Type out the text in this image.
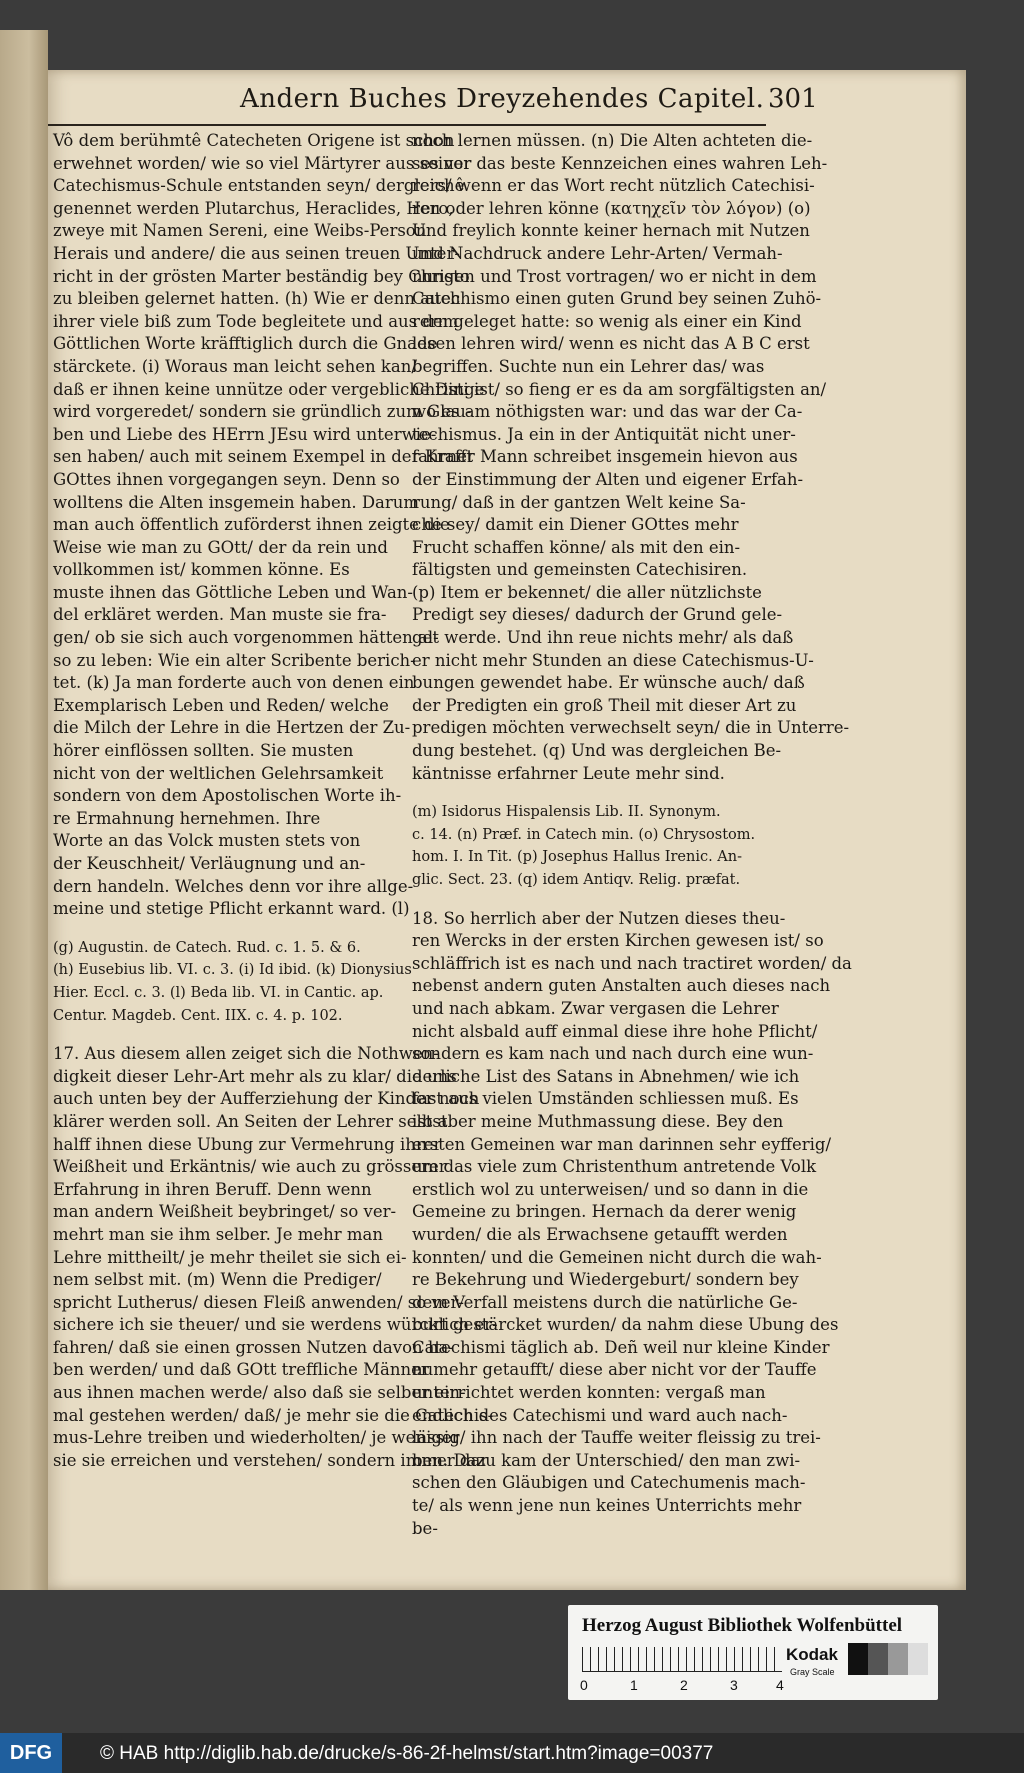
Andern Buches Dreyzehendes Capitel. 301
Vô dem berühmtê Catecheten Origene ist schon
erwehnet worden/ wie so viel Märtyrer aus seiner
Catechismus-Schule entstanden seyn/ dergleichê
genennet werden Plutarchus, Heraclides, Hero,
zweye mit Namen Sereni, eine Weibs-Person
Herais und andere/ die aus seinen treuen Unter-
richt in der grösten Marter beständig bey Christo
zu bleiben gelernet hatten. (h) Wie er denn auch
ihrer viele biß zum Tode begleitete und aus dem
Göttlichen Worte kräfftiglich durch die Gnade
stärckete. (i) Woraus man leicht sehen kan/
daß er ihnen keine unnütze oder vergebliche Dinge
wird vorgeredet/ sondern sie gründlich zum Glau-
ben und Liebe des HErrn JEsu wird unterwie-
sen haben/ auch mit seinem Exempel in der Krafft
GOttes ihnen vorgegangen seyn. Denn so
wolltens die Alten insgemein haben. Darum
man auch öffentlich zuförderst ihnen zeigte die
Weise wie man zu GOtt/ der da rein und
vollkommen ist/ kommen könne. Es
muste ihnen das Göttliche Leben und Wan-
del erkläret werden. Man muste sie fra-
gen/ ob sie sich auch vorgenommen hätten al-
so zu leben: Wie ein alter Scribente berich-
tet. (k) Ja man forderte auch von denen ein
Exemplarisch Leben und Reden/ welche
die Milch der Lehre in die Hertzen der Zu-
hörer einflössen sollten. Sie musten
nicht von der weltlichen Gelehrsamkeit
sondern von dem Apostolischen Worte ih-
re Ermahnung hernehmen. Ihre
Worte an das Volck musten stets von
der Keuschheit/ Verläugnung und an-
dern handeln. Welches denn vor ihre allge-
meine und stetige Pflicht erkannt ward. (l)
(g) Augustin. de Catech. Rud. c. 1. 5. & 6.
(h) Eusebius lib. VI. c. 3. (i) Id ibid. (k) Dionysius
Hier. Eccl. c. 3. (l) Beda lib. VI. in Cantic. ap.
Centur. Magdeb. Cent. IIX. c. 4. p. 102.
17. Aus diesem allen zeiget sich die Nothwen-
digkeit dieser Lehr-Art mehr als zu klar/ die uns
auch unten bey der Aufferziehung der Kinder noch
klärer werden soll. An Seiten der Lehrer selbst
halff ihnen diese Ubung zur Vermehrung ihrer
Weißheit und Erkäntnis/ wie auch zu grösserer
Erfahrung in ihren Beruff. Denn wenn
man andern Weißheit beybringet/ so ver-
mehrt man sie ihm selber. Je mehr man
Lehre mittheilt/ je mehr theilet sie sich ei-
nem selbst mit. (m) Wenn die Prediger/
spricht Lutherus/ diesen Fleiß anwenden/ so ver-
sichere ich sie theuer/ und sie werdens würcklich er-
fahren/ daß sie einen grossen Nutzen davon ha-
ben werden/ und daß GOtt treffliche Männer
aus ihnen machen werde/ also daß sie selber ein-
mal gestehen werden/ daß/ je mehr sie die Catechis-
mus-Lehre treiben und wiederholten/ je weniger
sie sie erreichen und verstehen/ sondern immer dar
noch lernen müssen. (n) Die Alten achteten die-
ses vor das beste Kennzeichen eines wahren Leh-
rers/ wenn er das Wort recht nützlich Catechisi-
ren oder lehren könne (κατηχεῖν τὸν λόγον) (o)
Und freylich konnte keiner hernach mit Nutzen
und Nachdruck andere Lehr-Arten/ Vermah-
nungen und Trost vortragen/ wo er nicht in dem
Catechismo einen guten Grund bey seinen Zuhö-
rern geleget hatte: so wenig als einer ein Kind
lesen lehren wird/ wenn es nicht das A B C erst
begriffen. Suchte nun ein Lehrer das/ was
Christi ist/ so fieng er es da am sorgfältigsten an/
wo es am nöthigsten war: und das war der Ca-
techismus. Ja ein in der Antiquität nicht uner-
fahrner Mann schreibet insgemein hievon aus
der Einstimmung der Alten und eigener Erfah-
rung/ daß in der gantzen Welt keine Sa-
che sey/ damit ein Diener GOttes mehr
Frucht schaffen könne/ als mit den ein-
fältigsten und gemeinsten Catechisiren.
(p) Item er bekennet/ die aller nützlichste
Predigt sey dieses/ dadurch der Grund gele-
get werde. Und ihn reue nichts mehr/ als daß
er nicht mehr Stunden an diese Catechismus-U-
bungen gewendet habe. Er wünsche auch/ daß
der Predigten ein groß Theil mit dieser Art zu
predigen möchten verwechselt seyn/ die in Unterre-
dung bestehet. (q) Und was dergleichen Be-
käntnisse erfahrner Leute mehr sind.
(m) Isidorus Hispalensis Lib. II. Synonym.
c. 14. (n) Præf. in Catech min. (o) Chrysostom.
hom. I. In Tit. (p) Josephus Hallus Irenic. An-
glic. Sect. 23. (q) idem Antiqv. Relig. præfat.
18. So herrlich aber der Nutzen dieses theu-
ren Wercks in der ersten Kirchen gewesen ist/ so
schläffrich ist es nach und nach tractiret worden/ da
nebenst andern guten Anstalten auch dieses nach
und nach abkam. Zwar vergasen die Lehrer
nicht alsbald auff einmal diese ihre hohe Pflicht/
sondern es kam nach und nach durch eine wun-
derliche List des Satans in Abnehmen/ wie ich
fast aus vielen Umständen schliessen muß. Es
ist aber meine Muthmassung diese. Bey den
ersten Gemeinen war man darinnen sehr eyfferig/
um das viele zum Christenthum antretende Volk
erstlich wol zu unterweisen/ und so dann in die
Gemeine zu bringen. Hernach da derer wenig
wurden/ die als Erwachsene getaufft werden
konnten/ und die Gemeinen nicht durch die wah-
re Bekehrung und Wiedergeburt/ sondern bey
dem Verfall meistens durch die natürliche Ge-
burt gestärcket wurden/ da nahm diese Ubung des
Catechismi täglich ab. Deñ weil nur kleine Kinder
numehr getaufft/ diese aber nicht vor der Tauffe
unterrichtet werden konnten: vergaß man
endlich des Catechismi und ward auch nach-
lässig/ ihn nach der Tauffe weiter fleissig zu trei-
ben. Dazu kam der Unterschied/ den man zwi-
schen den Gläubigen und Catechumenis mach-
te/ als wenn jene nun keines Unterrichts mehr
be-
Herzog August Bibliothek Wolfenbüttel
0	1	2	3	4
Kodak
Gray Scale
DFG	© HAB http://diglib.hab.de/drucke/s-86-2f-helmst/start.htm?image=00377
